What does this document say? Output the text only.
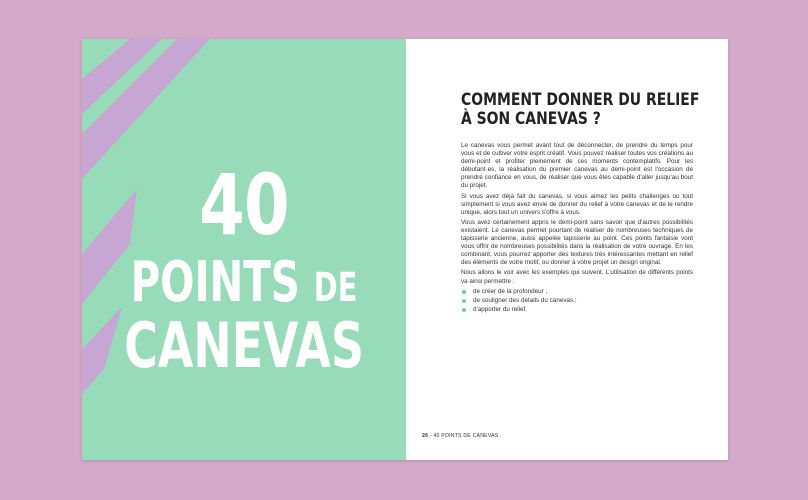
40
POINTS DE
CANEVAS
COMMENT DONNER DU RELIEF
À SON CANEVAS ?

Le canevas vous permet avant tout de déconnecter, de prendre du temps pour vous et de cultiver votre esprit créatif. Vous pouvez réaliser toutes vos créations au demi-point et profiter pleinement de ces moments contemplatifs. Pour les débutant·es, la réalisation du premier canevas au demi-point est l'occasion de prendre confiance en vous, de réaliser que vous êtes capable d'aller jusqu'au bout du projet.

Si vous avez déjà fait du canevas, si vous aimez les petits challenges ou tout simplement si vous avez envie de donner du relief à votre canevas et de le rendre unique, alors tout un univers s'offre à vous.

Vous avez certainement appris le demi-point sans savoir que d'autres possibilités existaient. Le canevas permet pourtant de réaliser de nombreuses techniques de tapisserie ancienne, aussi appelée tapisserie au point. Ces points fantaisie vont vous offrir de nombreuses possibilités dans la réalisation de votre ouvrage. En les combinant, vous pourrez apporter des textures très intéressantes mettant en relief des éléments de votre motif, ou donner à votre projet un design original.

Nous allons le voir avec les exemples qui suivent. L'utilisation de différents points va ainsi permettre :

de créer de la profondeur ;
de souligner des détails du canevas ;
d'apporter du relief.
26 - 40 POINTS DE CANEVAS
